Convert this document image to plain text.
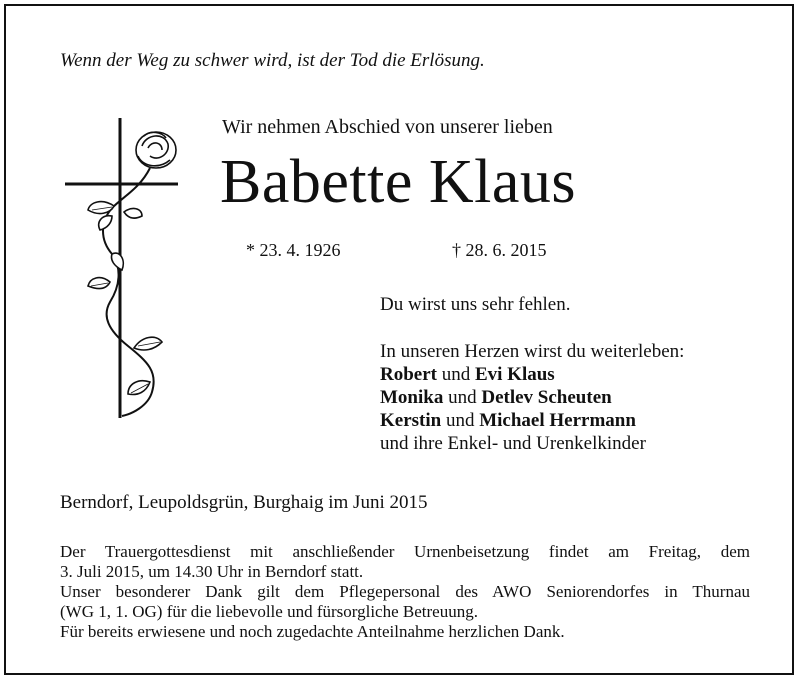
Wenn der Weg zu schwer wird, ist der Tod die Erlösung.
Wir nehmen Abschied von unserer lieben
Babette Klaus
* 23. 4. 1926	† 28. 6. 2015
Du wirst uns sehr fehlen.
In unseren Herzen wirst du weiterleben:
Robert und Evi Klaus
Monika und Detlev Scheuten
Kerstin und Michael Herrmann
und ihre Enkel- und Urenkelkinder
Berndorf, Leupoldsgrün, Burghaig im Juni 2015

Der Trauergottesdienst mit anschließender Urnenbeisetzung findet am Freitag, dem

3. Juli 2015, um 14.30 Uhr in Berndorf statt.

Unser besonderer Dank gilt dem Pflegepersonal des AWO Seniorendorfes in Thurnau

(WG 1, 1. OG) für die liebevolle und fürsorgliche Betreuung.

Für bereits erwiesene und noch zugedachte Anteilnahme herzlichen Dank.
